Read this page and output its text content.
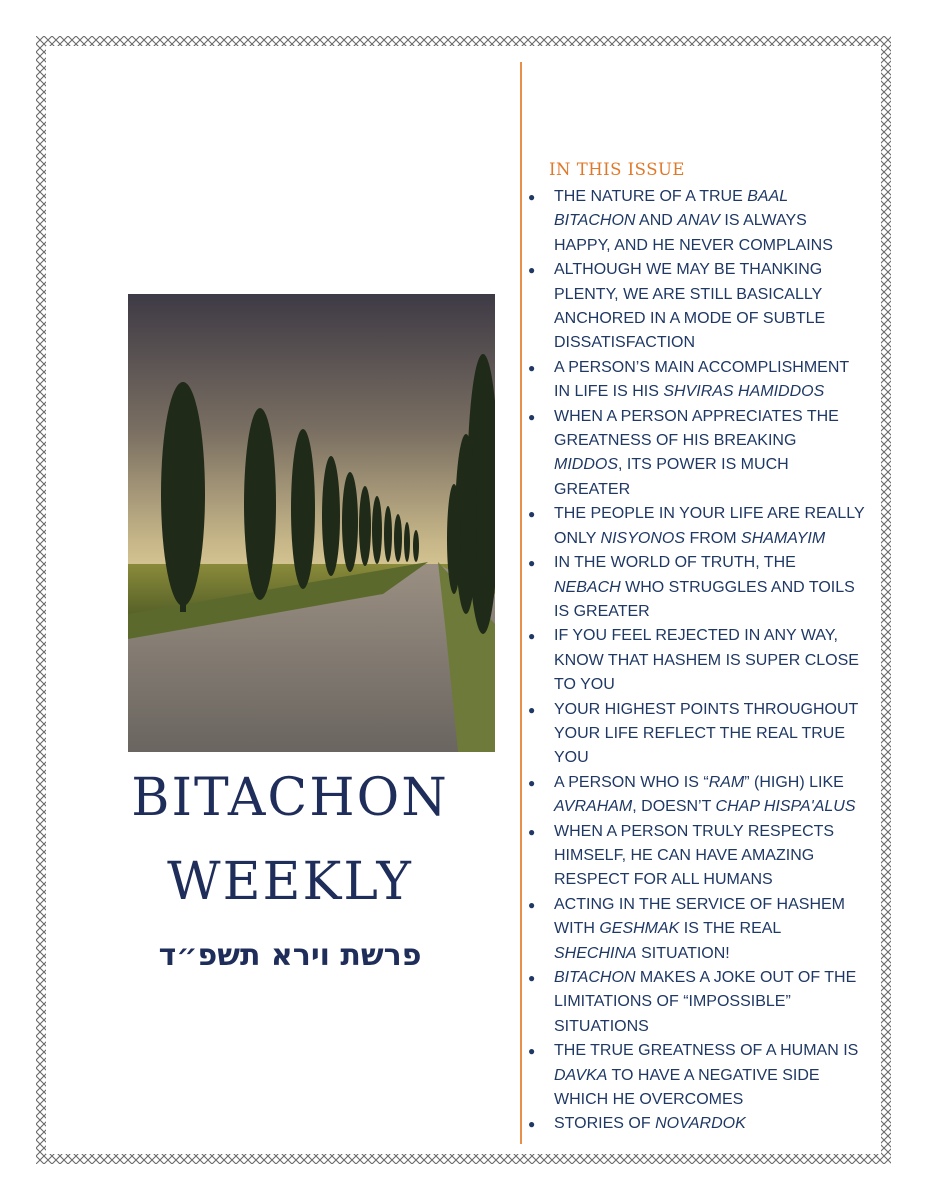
BITACHON
WEEKLY
פרשת וירא תשפ״ד
IN THIS ISSUE
● THE NATURE OF A TRUE BAAL BITACHON AND ANAV IS ALWAYS HAPPY, AND HE NEVER COMPLAINS
● ALTHOUGH WE MAY BE THANKING PLENTY, WE ARE STILL BASICALLY ANCHORED IN A MODE OF SUBTLE DISSATISFACTION
● A PERSON’S MAIN ACCOMPLISHMENT IN LIFE IS HIS SHVIRAS HAMIDDOS
● WHEN A PERSON APPRECIATES THE GREATNESS OF HIS BREAKING MIDDOS, ITS POWER IS MUCH GREATER
● THE PEOPLE IN YOUR LIFE ARE REALLY ONLY NISYONOS FROM SHAMAYIM
● IN THE WORLD OF TRUTH, THE NEBACH WHO STRUGGLES AND TOILS IS GREATER
● IF YOU FEEL REJECTED IN ANY WAY, KNOW THAT HASHEM IS SUPER CLOSE TO YOU
● YOUR HIGHEST POINTS THROUGHOUT YOUR LIFE REFLECT THE REAL TRUE YOU
● A PERSON WHO IS “RAM” (HIGH) LIKE AVRAHAM, DOESN’T CHAP HISPA'ALUS
● WHEN A PERSON TRULY RESPECTS HIMSELF, HE CAN HAVE AMAZING RESPECT FOR ALL HUMANS
● ACTING IN THE SERVICE OF HASHEM WITH GESHMAK IS THE REAL SHECHINA SITUATION!
● BITACHON MAKES A JOKE OUT OF THE LIMITATIONS OF “IMPOSSIBLE” SITUATIONS
● THE TRUE GREATNESS OF A HUMAN IS DAVKA TO HAVE A NEGATIVE SIDE WHICH HE OVERCOMES
● STORIES OF NOVARDOK
